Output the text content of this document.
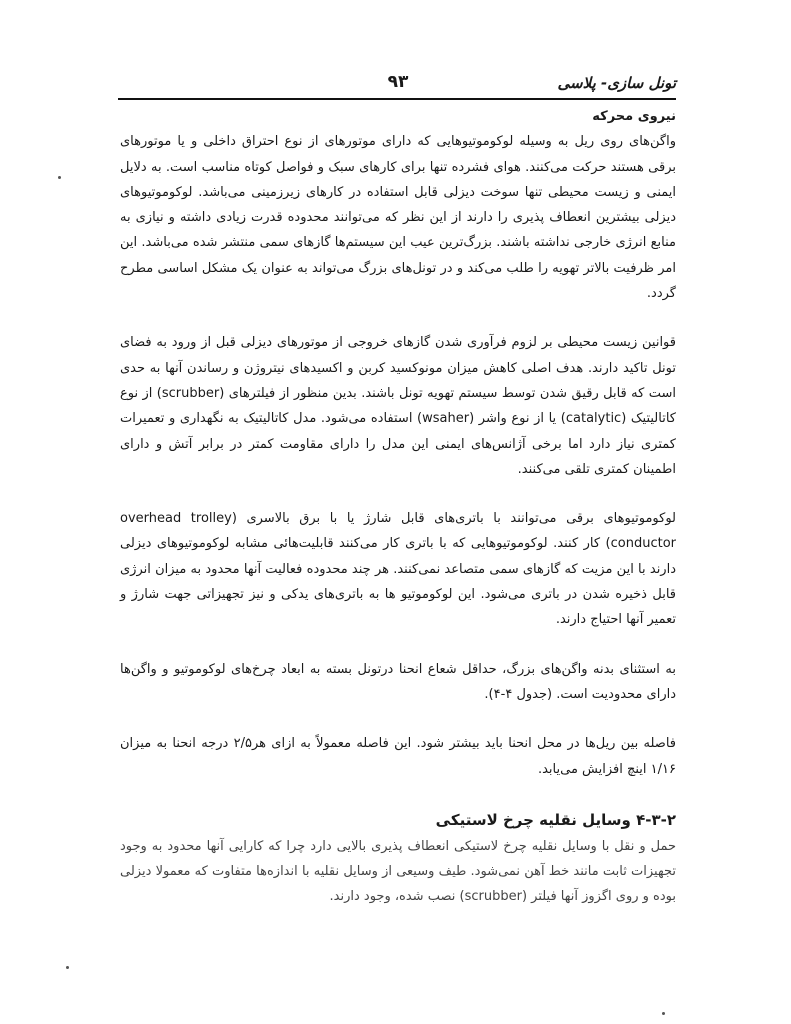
تونل سازی- پلاسی
۹۳

نیروی محرکه

واگن‌های روی ریل به وسیله لوکوموتیوهایی که دارای موتورهای از نوع احتراق داخلی و یا موتورهای برقی هستند حرکت می‌کنند. هوای فشرده تنها برای کارهای سبک و فواصل کوتاه مناسب است. به دلایل ایمنی و زیست محیطی تنها سوخت دیزلی قابل استفاده در کارهای زیرزمینی می‌باشد. لوکوموتیوهای دیزلی بیشترین انعطاف پذیری را دارند از این نظر که می‌توانند محدوده قدرت زیادی داشته و نیازی به منابع انرژی خارجی نداشته باشند. بزرگ‌ترین عیب این سیستم‌ها گازهای سمی منتشر شده می‌باشد. این امر ظرفیت بالاتر تهویه را طلب می‌کند و در تونل‌های بزرگ می‌تواند به عنوان یک مشکل اساسی مطرح گردد.

قوانین زیست محیطی بر لزوم فرآوری شدن گازهای خروجی از موتورهای دیزلی قبل از ورود به فضای تونل تاکید دارند. هدف اصلی کاهش میزان مونوکسید کربن و اکسیدهای نیتروژن و رساندن آنها به حدی است که قابل رقیق شدن توسط سیستم تهویه تونل باشند. بدین منظور از فیلترهای (scrubber) از نوع کاتالیتیک (catalytic) یا از نوع واشر (wsaher) استفاده می‌شود. مدل کاتالیتیک به نگهداری و تعمیرات کمتری نیاز دارد اما برخی آژانس‌های ایمنی این مدل را دارای مقاومت کمتر در برابر آتش و دارای اطمینان کمتری تلقی می‌کنند.

لوکوموتیوهای برقی می‌توانند با باتری‌های قابل شارژ یا با برق بالاسری (overhead trolley conductor) کار کنند. لوکوموتیوهایی که با باتری کار می‌کنند قابلیت‌هائی مشابه لوکوموتیوهای دیزلی دارند با این مزیت که گازهای سمی متصاعد نمی‌کنند. هر چند محدوده فعالیت آنها محدود به میزان انرژی قابل ذخیره شدن در باتری می‌شود. این لوکوموتیو ها به باتری‌های یدکی و نیز تجهیزاتی جهت شارژ و تعمیر آنها احتیاج دارند.

به استثنای بدنه واگن‌های بزرگ، حداقل شعاع انحنا درتونل بسته به ابعاد چرخ‌های لوکوموتیو و واگن‌ها دارای محدودیت است. (جدول ۴-۴).

فاصله بین ریل‌ها در محل انحنا باید بیشتر شود. این فاصله معمولاً به ازای هر۲/۵ درجه انحنا به میزان ۱/۱۶ اینچ افزایش می‌یابد.

۴-۳-۲ وسایل نقلیه چرخ لاستیکی

حمل و نقل با وسایل نقلیه چرخ لاستیکی انعطاف پذیری بالایی دارد چرا که کارایی آنها محدود به وجود تجهیزات ثابت مانند خط آهن نمی‌شود. طیف وسیعی از وسایل نقلیه با اندازه‌ها متفاوت که معمولا دیزلی بوده و روی اگزوز آنها فیلتر (scrubber) نصب شده، وجود دارند.
